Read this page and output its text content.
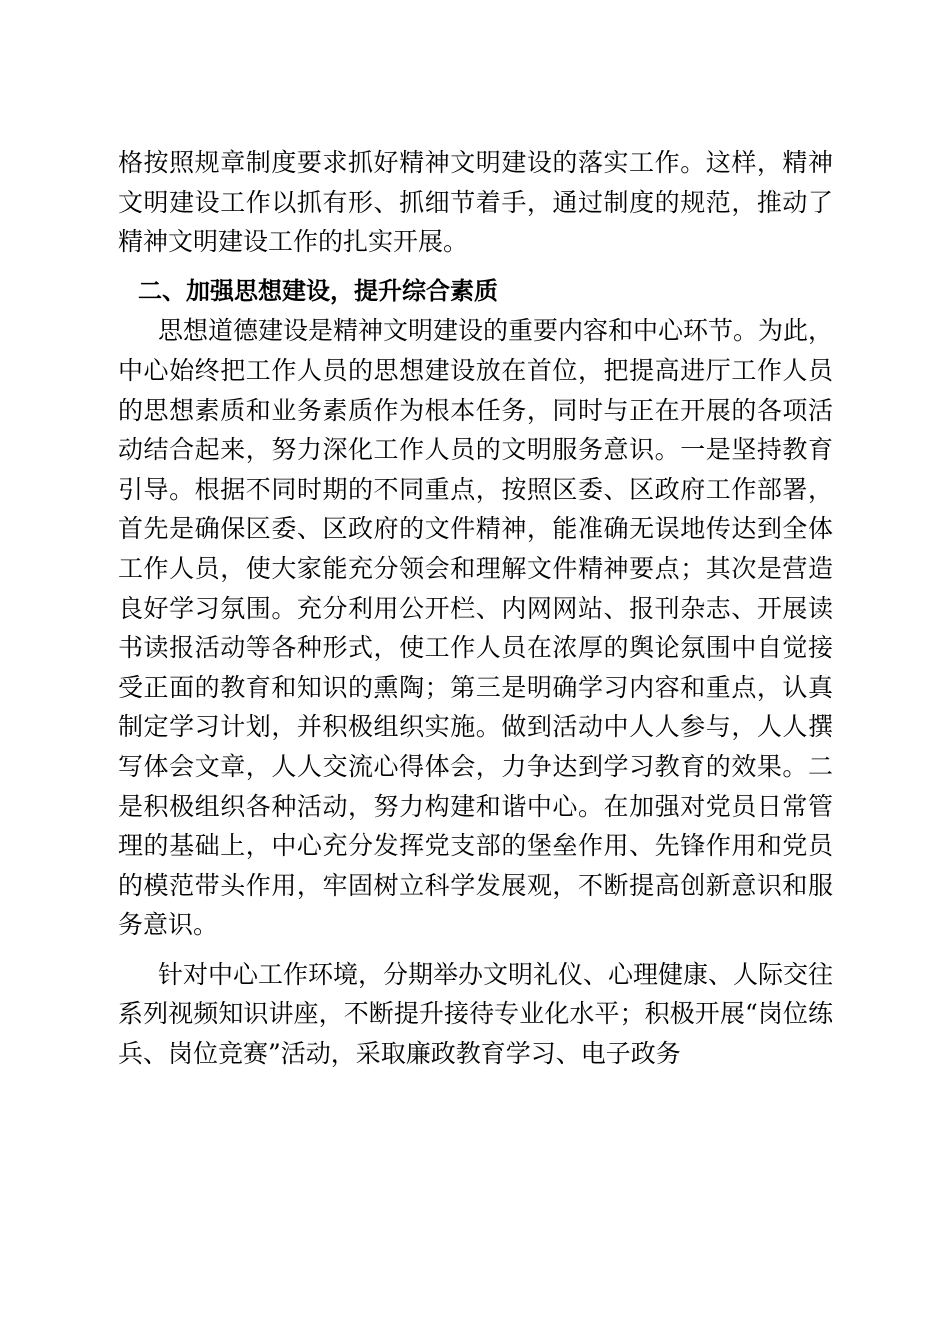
格按照规章制度要求抓好精神文明建设的落实工作。这样，精神文明建设工作以抓有形、抓细节着手，通过制度的规范，推动了精神文明建设工作的扎实开展。

二、加强思想建设，提升综合素质

思想道德建设是精神文明建设的重要内容和中心环节。为此，中心始终把工作人员的思想建设放在首位，把提高进厅工作人员的思想素质和业务素质作为根本任务，同时与正在开展的各项活动结合起来，努力深化工作人员的文明服务意识。一是坚持教育引导。根据不同时期的不同重点，按照区委、区政府工作部署，首先是确保区委、区政府的文件精神，能准确无误地传达到全体工作人员，使大家能充分领会和理解文件精神要点；其次是营造良好学习氛围。充分利用公开栏、内网网站、报刊杂志、开展读书读报活动等各种形式，使工作人员在浓厚的舆论氛围中自觉接受正面的教育和知识的熏陶；第三是明确学习内容和重点，认真制定学习计划，并积极组织实施。做到活动中人人参与，人人撰写体会文章，人人交流心得体会，力争达到学习教育的效果。二是积极组织各种活动，努力构建和谐中心。在加强对党员日常管理的基础上，中心充分发挥党支部的堡垒作用、先锋作用和党员的模范带头作用，牢固树立科学发展观，不断提高创新意识和服务意识。

针对中心工作环境，分期举办文明礼仪、心理健康、人际交往系列视频知识讲座，不断提升接待专业化水平；积极开展“岗位练兵、岗位竞赛”活动，采取廉政教育学习、电子政务
